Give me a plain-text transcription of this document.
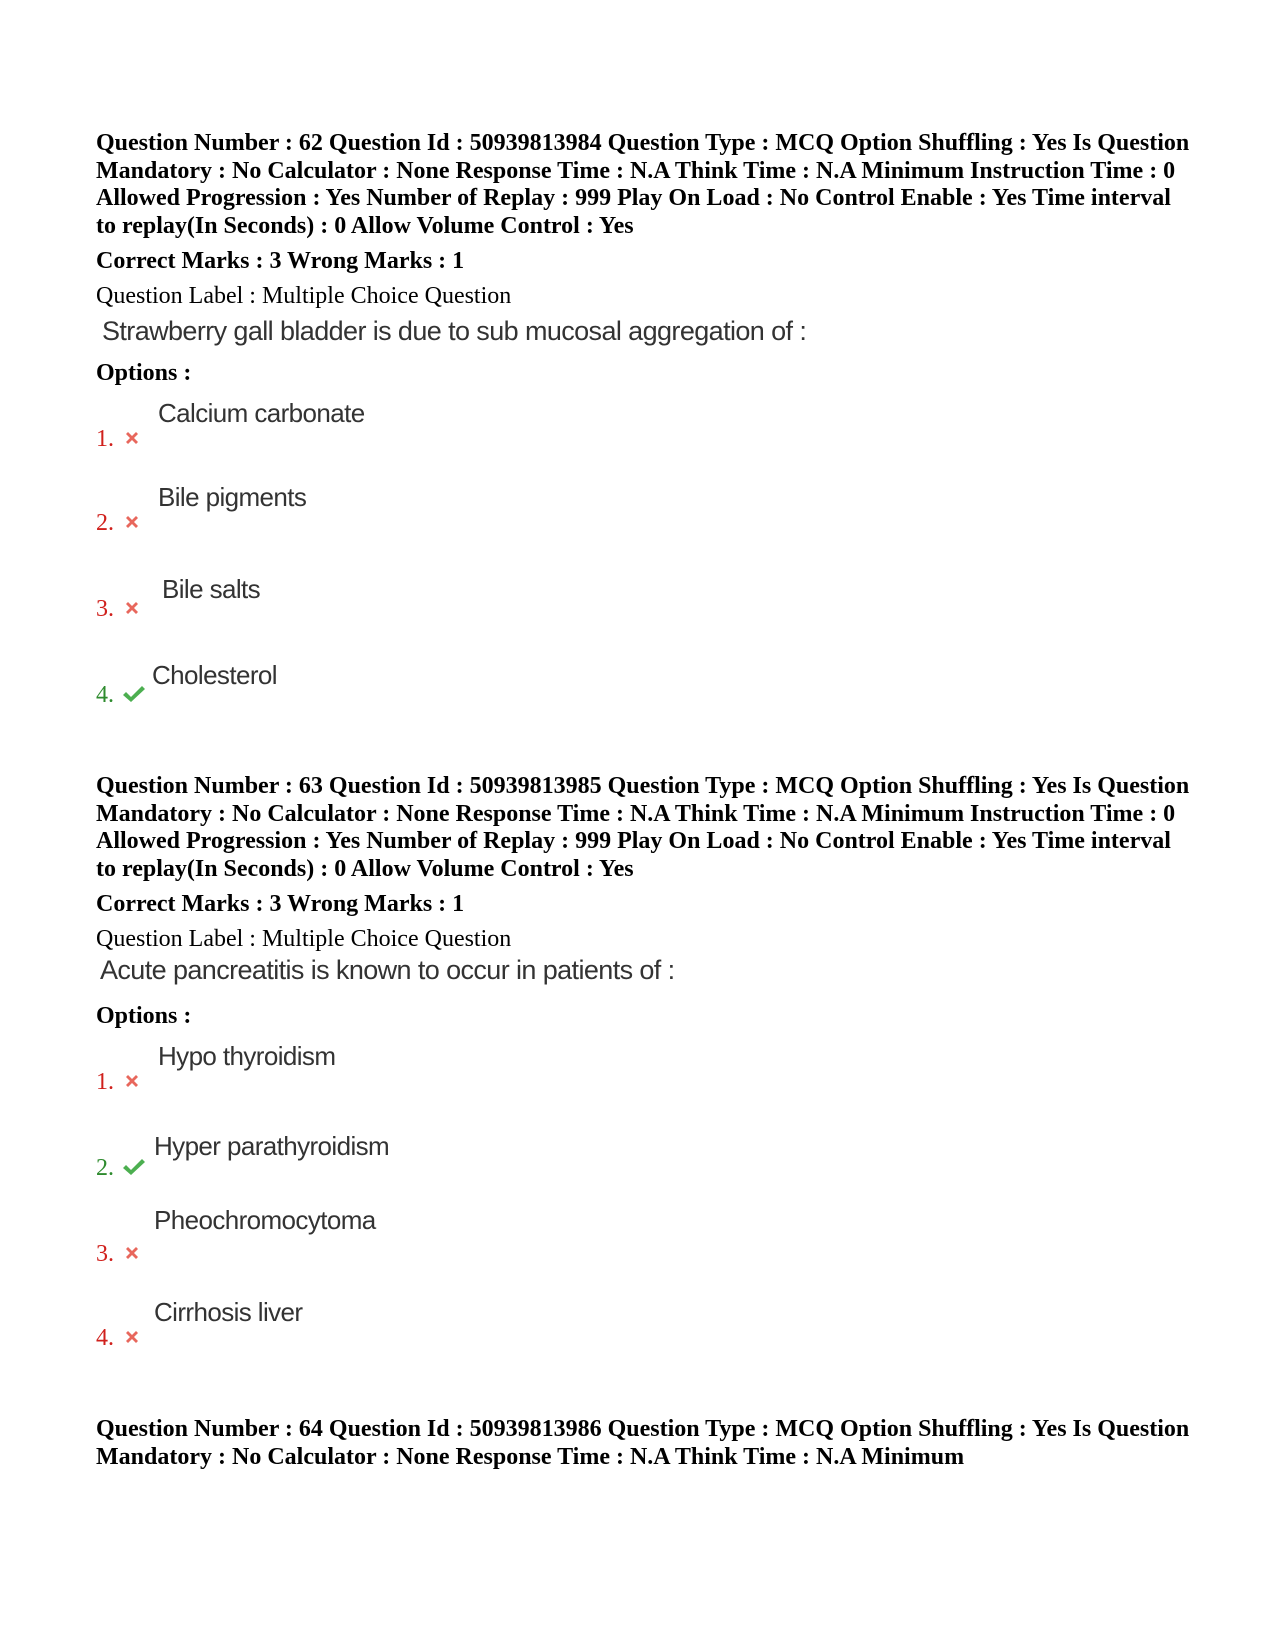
Question Number : 62 Question Id : 50939813984 Question Type : MCQ Option Shuffling : Yes Is Question Mandatory : No Calculator : None Response Time : N.A Think Time : N.A Minimum Instruction Time : 0 Allowed Progression : Yes Number of Replay : 999 Play On Load : No Control Enable : Yes Time interval to replay(In Seconds) : 0 Allow Volume Control : Yes

Correct Marks : 3 Wrong Marks : 1
Question Label : Multiple Choice Question
Strawberry gall bladder is due to sub mucosal aggregation of :
Options :
1.
Calcium carbonate
2.
Bile pigments
3.
Bile salts
4.
Cholesterol

Question Number : 63 Question Id : 50939813985 Question Type : MCQ Option Shuffling : Yes Is Question Mandatory : No Calculator : None Response Time : N.A Think Time : N.A Minimum Instruction Time : 0 Allowed Progression : Yes Number of Replay : 999 Play On Load : No Control Enable : Yes Time interval to replay(In Seconds) : 0 Allow Volume Control : Yes

Correct Marks : 3 Wrong Marks : 1
Question Label : Multiple Choice Question
Acute pancreatitis is known to occur in patients of :
Options :
1.
Hypo thyroidism
2.
Hyper parathyroidism
3.
Pheochromocytoma
4.
Cirrhosis liver

Question Number : 64 Question Id : 50939813986 Question Type : MCQ Option Shuffling : Yes Is Question Mandatory : No Calculator : None Response Time : N.A Think Time : N.A Minimum
